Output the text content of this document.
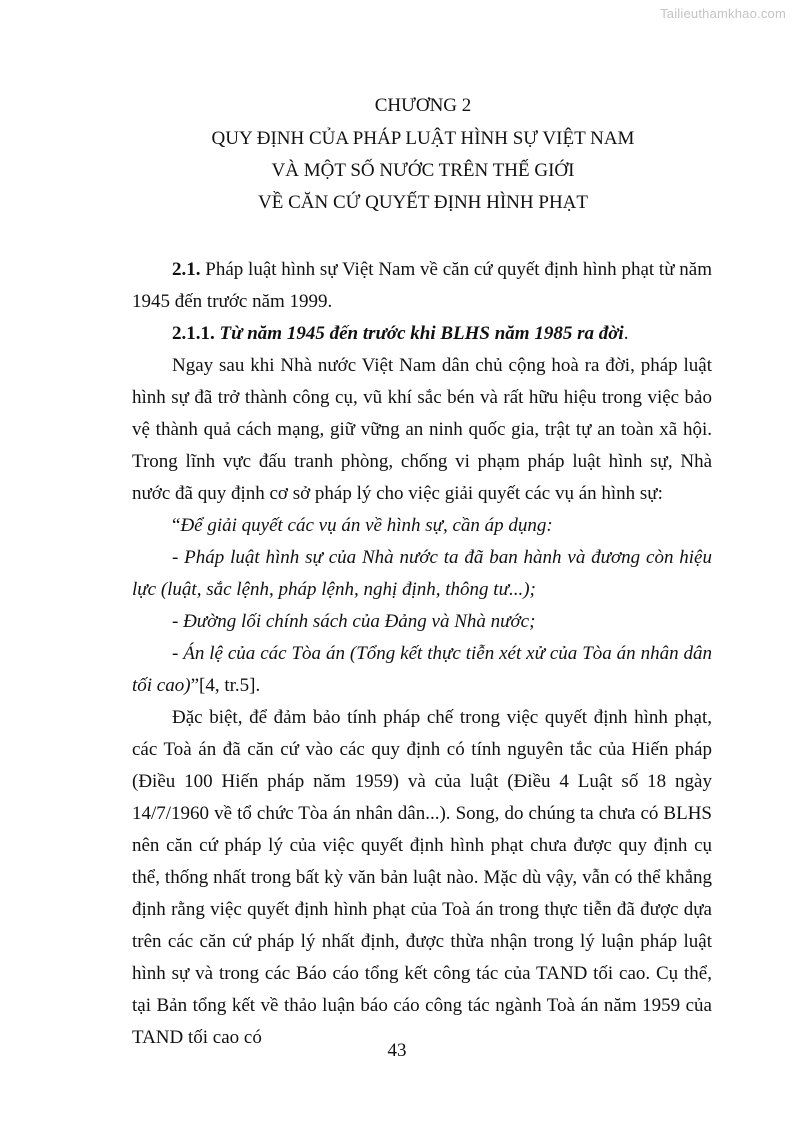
Tailieuthamkhao.com
CHƯƠNG 2
QUY ĐỊNH CỦA PHÁP LUẬT HÌNH SỰ VIỆT NAM
VÀ MỘT SỐ NƯỚC TRÊN THẾ GIỚI
VỀ CĂN CỨ QUYẾT ĐỊNH HÌNH PHẠT

2.1. Pháp luật hình sự Việt Nam về căn cứ quyết định hình phạt từ năm 1945 đến trước năm 1999.

2.1.1. Từ năm 1945 đến trước khi BLHS năm 1985 ra đời.

Ngay sau khi Nhà nước Việt Nam dân chủ cộng hoà ra đời, pháp luật hình sự đã trở thành công cụ, vũ khí sắc bén và rất hữu hiệu trong việc bảo vệ thành quả cách mạng, giữ vững an ninh quốc gia, trật tự an toàn xã hội. Trong lĩnh vực đấu tranh phòng, chống vi phạm pháp luật hình sự, Nhà nước đã quy định cơ sở pháp lý cho việc giải quyết các vụ án hình sự:

“Để giải quyết các vụ án về hình sự, cần áp dụng:

- Pháp luật hình sự của Nhà nước ta đã ban hành và đương còn hiệu lực (luật, sắc lệnh, pháp lệnh, nghị định, thông tư...);

- Đường lối chính sách của Đảng và Nhà nước;

- Án lệ của các Tòa án (Tổng kết thực tiễn xét xử của Tòa án nhân dân tối cao)”[4, tr.5].

Đặc biệt, để đảm bảo tính pháp chế trong việc quyết định hình phạt, các Toà án đã căn cứ vào các quy định có tính nguyên tắc của Hiến pháp (Điều 100 Hiến pháp năm 1959) và của luật (Điều 4 Luật số 18 ngày 14/7/1960 về tổ chức Tòa án nhân dân...). Song, do chúng ta chưa có BLHS nên căn cứ pháp lý của việc quyết định hình phạt chưa được quy định cụ thể, thống nhất trong bất kỳ văn bản luật nào. Mặc dù vậy, vẫn có thể khẳng định rằng việc quyết định hình phạt của Toà án trong thực tiễn đã được dựa trên các căn cứ pháp lý nhất định, được thừa nhận trong lý luận pháp luật hình sự và trong các Báo cáo tổng kết công tác của TAND tối cao. Cụ thể, tại Bản tổng kết về thảo luận báo cáo công tác ngành Toà án năm 1959 của TAND tối cao có

43
